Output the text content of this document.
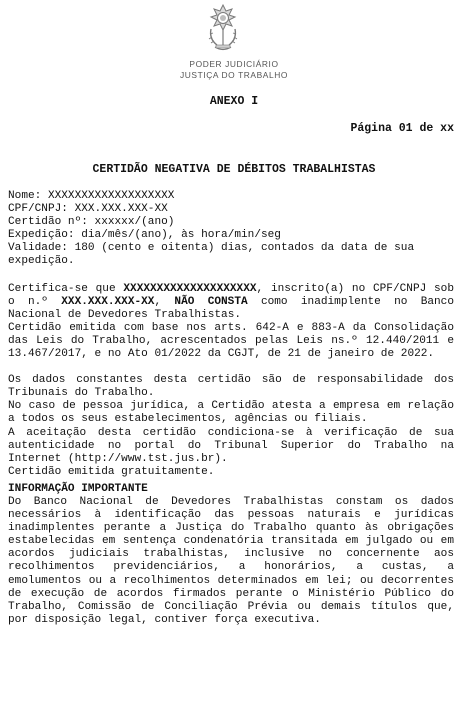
PODER JUDICIÁRIO
JUSTIÇA DO TRABALHO
ANEXO I
Página 01 de xx
CERTIDÃO NEGATIVA DE DÉBITOS TRABALHISTAS

Nome: XXXXXXXXXXXXXXXXXXX

CPF/CNPJ: XXX.XXX.XXX-XX

Certidão nº: xxxxxx/(ano)

Expedição: dia/mês/(ano), às hora/min/seg

Validade: 180 (cento e oitenta) dias, contados da data de sua expedição.

Certifica-se que XXXXXXXXXXXXXXXXXXXX, inscrito(a) no CPF/CNPJ sob o n.º XXX.XXX.XXX-XX, NÃO CONSTA como inadimplente no Banco Nacional de Devedores Trabalhistas.

Certidão emitida com base nos arts. 642-A e 883-A da Consolidação das Leis do Trabalho, acrescentados pelas Leis ns.º 12.440/2011 e 13.467/2017, e no Ato 01/2022 da CGJT, de 21 de janeiro de 2022.

Os dados constantes desta certidão são de responsabilidade dos Tribunais do Trabalho.

No caso de pessoa jurídica, a Certidão atesta a empresa em relação a todos os seus estabelecimentos, agências ou filiais.

A aceitação desta certidão condiciona-se à verificação de sua autenticidade no portal do Tribunal Superior do Trabalho na Internet (http://www.tst.jus.br).

Certidão emitida gratuitamente.

INFORMAÇÃO IMPORTANTE

Do Banco Nacional de Devedores Trabalhistas constam os dados necessários à identificação das pessoas naturais e jurídicas inadimplentes perante a Justiça do Trabalho quanto às obrigações estabelecidas em sentença condenatória transitada em julgado ou em acordos judiciais trabalhistas, inclusive no concernente aos recolhimentos previdenciários, a honorários, a custas, a emolumentos ou a recolhimentos determinados em lei; ou decorrentes de execução de acordos firmados perante o Ministério Público do Trabalho, Comissão de Conciliação Prévia ou demais títulos que, por disposição legal, contiver força executiva.
